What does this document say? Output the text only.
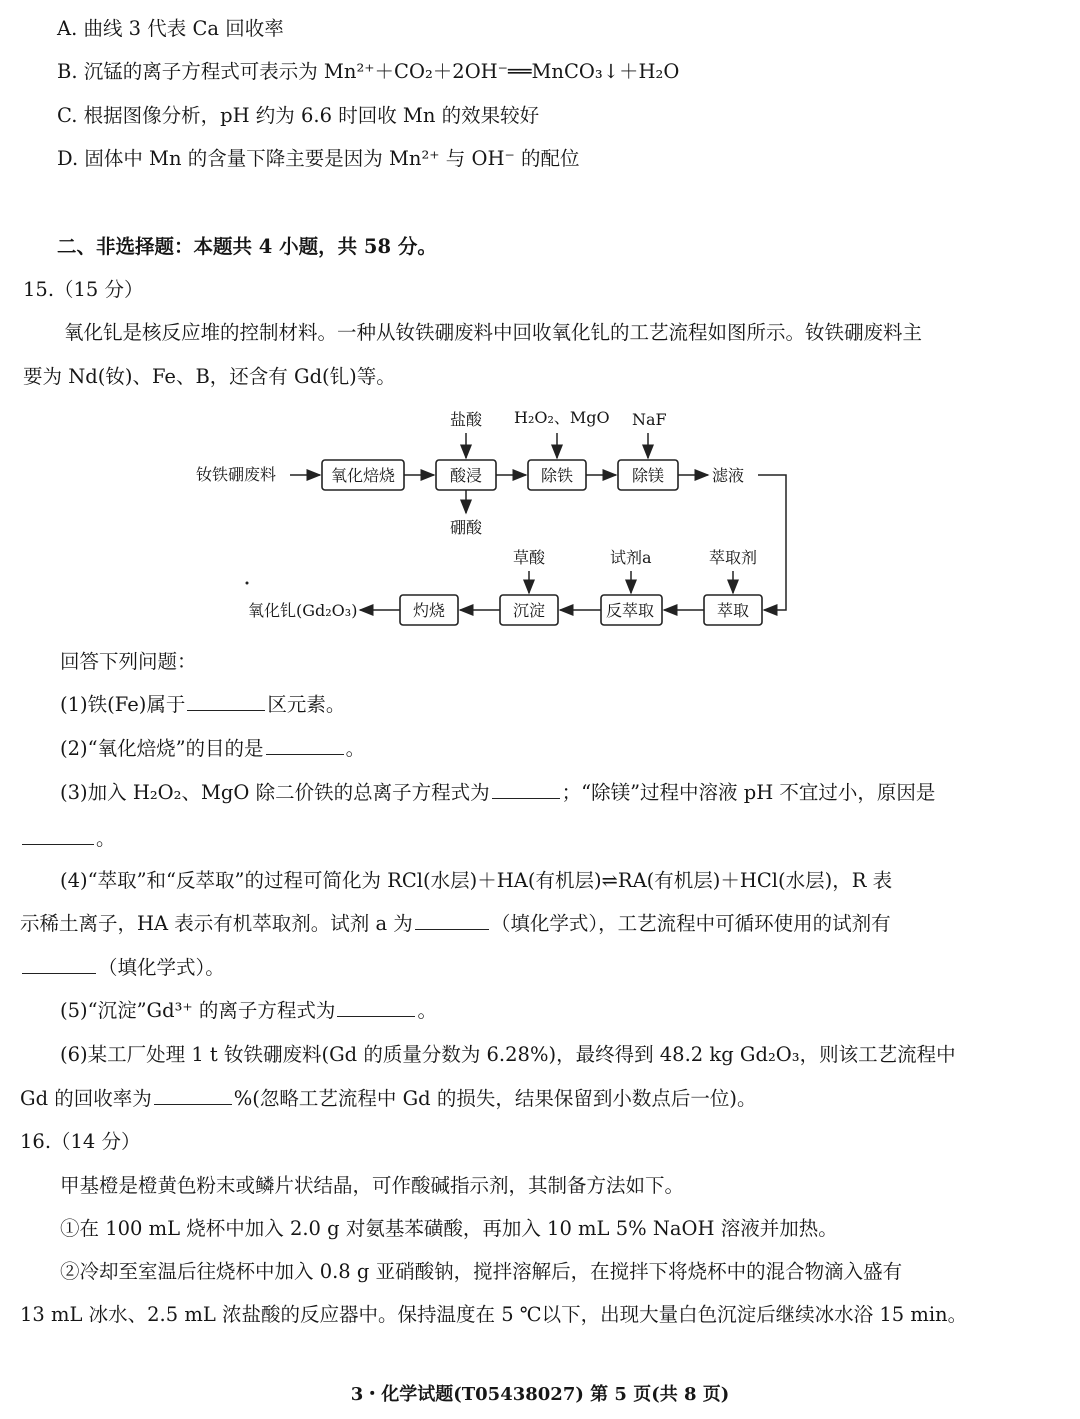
A. 曲线 3 代表 Ca 回收率
B. 沉锰的离子方程式可表示为 Mn²⁺＋CO₂＋2OH⁻══MnCO₃↓＋H₂O
C. 根据图像分析，pH 约为 6.6 时回收 Mn 的效果较好
D. 固体中 Mn 的含量下降主要是因为 Mn²⁺ 与 OH⁻ 的配位
二、非选择题：本题共 4 小题，共 58 分。
15.（15 分）
氧化钆是核反应堆的控制材料。一种从钕铁硼废料中回收氧化钆的工艺流程如图所示。钕铁硼废料主
要为 Nd(钕)、Fe、B，还含有 Gd(钆)等。
钕铁硼废料	氧化焙烧	酸浸	除铁	除镁	滤液
盐酸 H₂O₂、MgO NaF
硼酸
萃取
反萃取
沉淀
灼烧
氧化钆(Gd₂O₃)
草酸	试剂a	萃取剂
回答下列问题：
(1)铁(Fe)属于	区元素。
(2)“氧化焙烧”的目的是	。
(3)加入 H₂O₂、MgO 除二价铁的总离子方程式为	；“除镁”过程中溶液 pH 不宜过小，原因是
。
(4)“萃取”和“反萃取”的过程可简化为 RCl(水层)＋HA(有机层)⇌RA(有机层)＋HCl(水层)，R 表
示稀土离子，HA 表示有机萃取剂。试剂 a 为	（填化学式），工艺流程中可循环使用的试剂有
（填化学式）。
(5)“沉淀”Gd³⁺ 的离子方程式为	。
(6)某工厂处理 1 t 钕铁硼废料(Gd 的质量分数为 6.28%)，最终得到 48.2 kg Gd₂O₃，则该工艺流程中
Gd 的回收率为	%(忽略工艺流程中 Gd 的损失，结果保留到小数点后一位)。
16.（14 分）
甲基橙是橙黄色粉末或鳞片状结晶，可作酸碱指示剂，其制备方法如下。
①在 100 mL 烧杯中加入 2.0 g 对氨基苯磺酸，再加入 10 mL 5% NaOH 溶液并加热。
②冷却至室温后往烧杯中加入 0.8 g 亚硝酸钠，搅拌溶解后，在搅拌下将烧杯中的混合物滴入盛有
13 mL 冰水、2.5 mL 浓盐酸的反应器中。保持温度在 5 ℃以下，出现大量白色沉淀后继续冰水浴 15 min。
3・化学试题(T05438027) 第 5 页(共 8 页)
